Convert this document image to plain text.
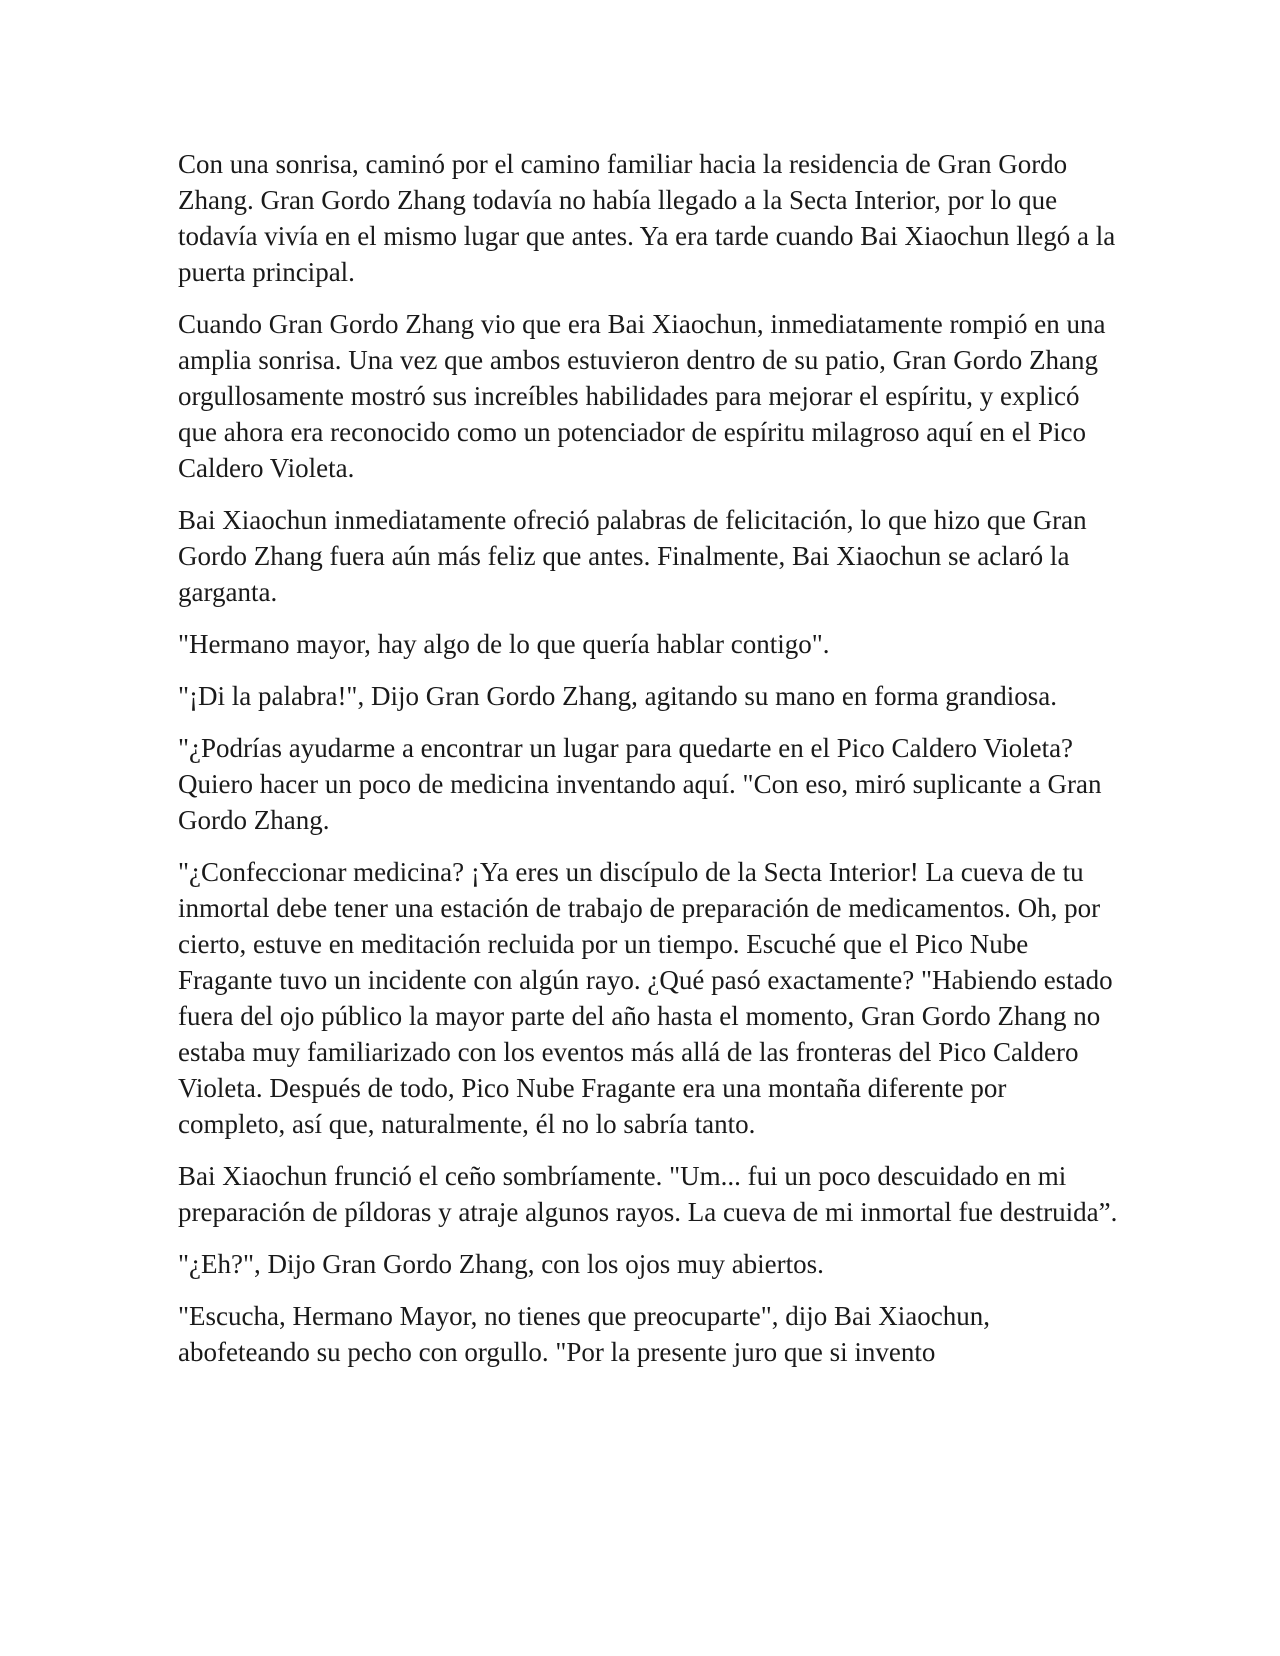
Con una sonrisa, caminó por el camino familiar hacia la residencia de Gran Gordo Zhang. Gran Gordo Zhang todavía no había llegado a la Secta Interior, por lo que todavía vivía en el mismo lugar que antes. Ya era tarde cuando Bai Xiaochun llegó a la puerta principal.

Cuando Gran Gordo Zhang vio que era Bai Xiaochun, inmediatamente rompió en una amplia sonrisa. Una vez que ambos estuvieron dentro de su patio, Gran Gordo Zhang orgullosamente mostró sus increíbles habilidades para mejorar el espíritu, y explicó que ahora era reconocido como un potenciador de espíritu milagroso aquí en el Pico Caldero Violeta.

Bai Xiaochun inmediatamente ofreció palabras de felicitación, lo que hizo que Gran Gordo Zhang fuera aún más feliz que antes. Finalmente, Bai Xiaochun se aclaró la garganta.

"Hermano mayor, hay algo de lo que quería hablar contigo".

"¡Di la palabra!", Dijo Gran Gordo Zhang, agitando su mano en forma grandiosa.

"¿Podrías ayudarme a encontrar un lugar para quedarte en el Pico Caldero Violeta? Quiero hacer un poco de medicina inventando aquí. "Con eso, miró suplicante a Gran Gordo Zhang.

"¿Confeccionar medicina? ¡Ya eres un discípulo de la Secta Interior! La cueva de tu inmortal debe tener una estación de trabajo de preparación de medicamentos. Oh, por cierto, estuve en meditación recluida por un tiempo. Escuché que el Pico Nube Fragante tuvo un incidente con algún rayo. ¿Qué pasó exactamente? "Habiendo estado fuera del ojo público la mayor parte del año hasta el momento, Gran Gordo Zhang no estaba muy familiarizado con los eventos más allá de las fronteras del Pico Caldero Violeta. Después de todo, Pico Nube Fragante era una montaña diferente por completo, así que, naturalmente, él no lo sabría tanto.

Bai Xiaochun frunció el ceño sombríamente. "Um... fui un poco descuidado en mi preparación de píldoras y atraje algunos rayos. La cueva de mi inmortal fue destruida”.

"¿Eh?", Dijo Gran Gordo Zhang, con los ojos muy abiertos.

"Escucha, Hermano Mayor, no tienes que preocuparte", dijo Bai Xiaochun, abofeteando su pecho con orgullo. "Por la presente juro que si invento
